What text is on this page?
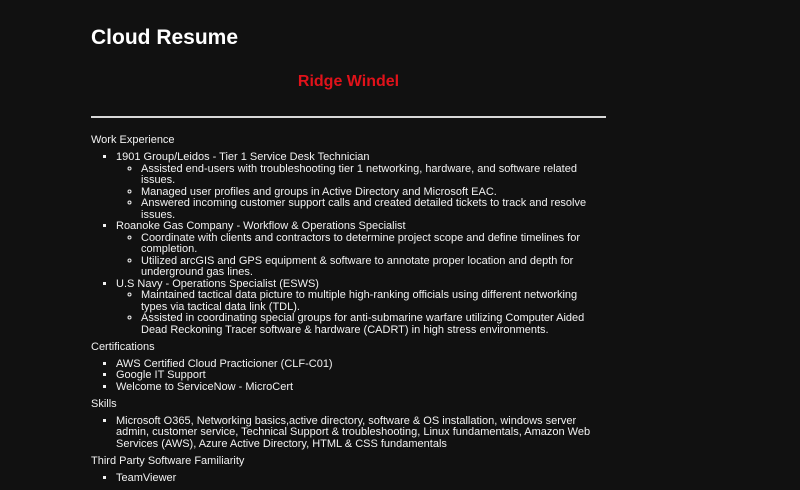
Cloud Resume
Ridge Windel
Work Experience
▪ 1901 Group/Leidos - Tier 1 Service Desk Technician
◦ Assisted end-users with troubleshooting tier 1 networking, hardware, and software related issues.
◦ Managed user profiles and groups in Active Directory and Microsoft EAC.
◦ Answered incoming customer support calls and created detailed tickets to track and resolve issues.
▪ Roanoke Gas Company - Workflow & Operations Specialist
◦ Coordinate with clients and contractors to determine project scope and define timelines for completion.
◦ Utilized arcGIS and GPS equipment & software to annotate proper location and depth for underground gas lines.
▪ U.S Navy - Operations Specialist (ESWS)
◦ Maintained tactical data picture to multiple high-ranking officials using different networking types via tactical data link (TDL).
◦ Assisted in coordinating special groups for anti-submarine warfare utilizing Computer Aided Dead Reckoning Tracer software & hardware (CADRT) in high stress environments.
Certifications
▪ AWS Certified Cloud Practicioner (CLF-C01)
▪ Google IT Support
▪ Welcome to ServiceNow - MicroCert
Skills
▪ Microsoft O365, Networking basics,active directory, software & OS installation, windows server admin, customer service, Technical Support & troubleshooting, Linux fundamentals, Amazon Web Services (AWS), Azure Active Directory, HTML & CSS fundamentals
Third Party Software Familiarity
▪ TeamViewer
